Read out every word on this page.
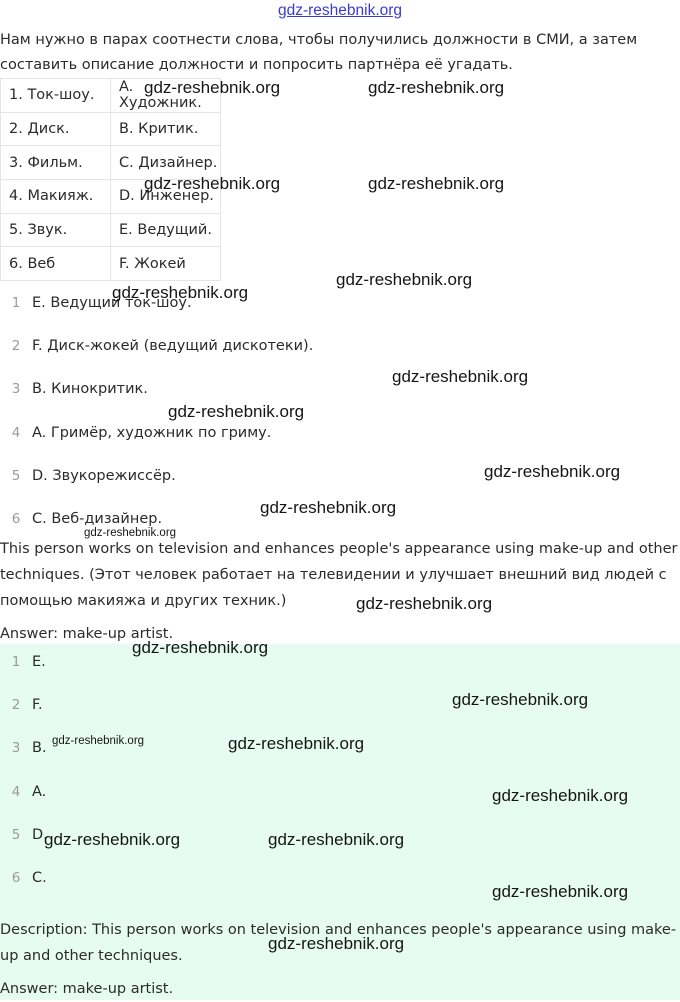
gdz-reshebnik.org
Нам нужно в парах соотнести слова, чтобы получились должности в СМИ, а затем составить описание должности и попросить партнёра её угадать.
1. Ток-шоу.	A. Художник.
2. Диск.	B. Критик.
3. Фильм.	C. Дизайнер.
4. Макияж.	D. Инженер.
5. Звук.	E. Ведущий.
6. Веб	F. Жокей
1 E. Ведущий ток-шоу.
2 F. Диск-жокей (ведущий дискотеки).
3 B. Кинокритик.
4 A. Гримёр, художник по гриму.
5 D. Звукорежиссёр.
6 C. Веб-дизайнер.
This person works on television and enhances people's appearance using make-up and other techniques. (Этот человек работает на телевидении и улучшает внешний вид людей с помощью макияжа и других техник.)
Answer: make-up artist.
1 E.
2 F.
3 B.
4 A.
5 D.
6 C.
Description: This person works on television and enhances people's appearance using make-up and other techniques.
Answer: make-up artist.
gdz-reshebnik.org	gdz-reshebnik.org
gdz-reshebnik.org	gdz-reshebnik.org
gdz-reshebnik.org
gdz-reshebnik.org
gdz-reshebnik.org
gdz-reshebnik.org
gdz-reshebnik.org
gdz-reshebnik.org
gdz-reshebnik.org
gdz-reshebnik.org
gdz-reshebnik.org
gdz-reshebnik.org
gdz-reshebnik.org	gdz-reshebnik.org
gdz-reshebnik.org
gdz-reshebnik.org	gdz-reshebnik.org
gdz-reshebnik.org
gdz-reshebnik.org
